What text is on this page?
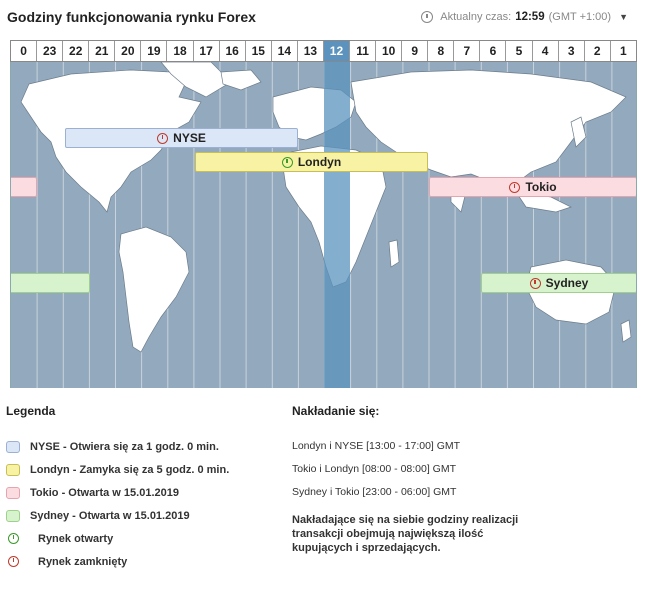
Godziny funkcjonowania rynku Forex	Aktualny czas: 12:59 (GMT +1:00) ▼
0	23	22	21	20	19	18	17	16	15	14	13	12	11	10	9	8	7	6	5	4	3	2	1
NYSE
Londyn
Tokio
Sydney
Legenda
NYSE - Otwiera się za 1 godz. 0 min.
Londyn - Zamyka się za 5 godz. 0 min.
Tokio - Otwarta w 15.01.2019
Sydney - Otwarta w 15.01.2019
Rynek otwarty
Rynek zamknięty
Nakładanie się:
Londyn i NYSE [13:00 - 17:00] GMT
Tokio i Londyn [08:00 - 08:00] GMT
Sydney i Tokio [23:00 - 06:00] GMT
Nakładające się na siebie godziny realizacji transakcji obejmują największą ilość kupujących i sprzedających.
